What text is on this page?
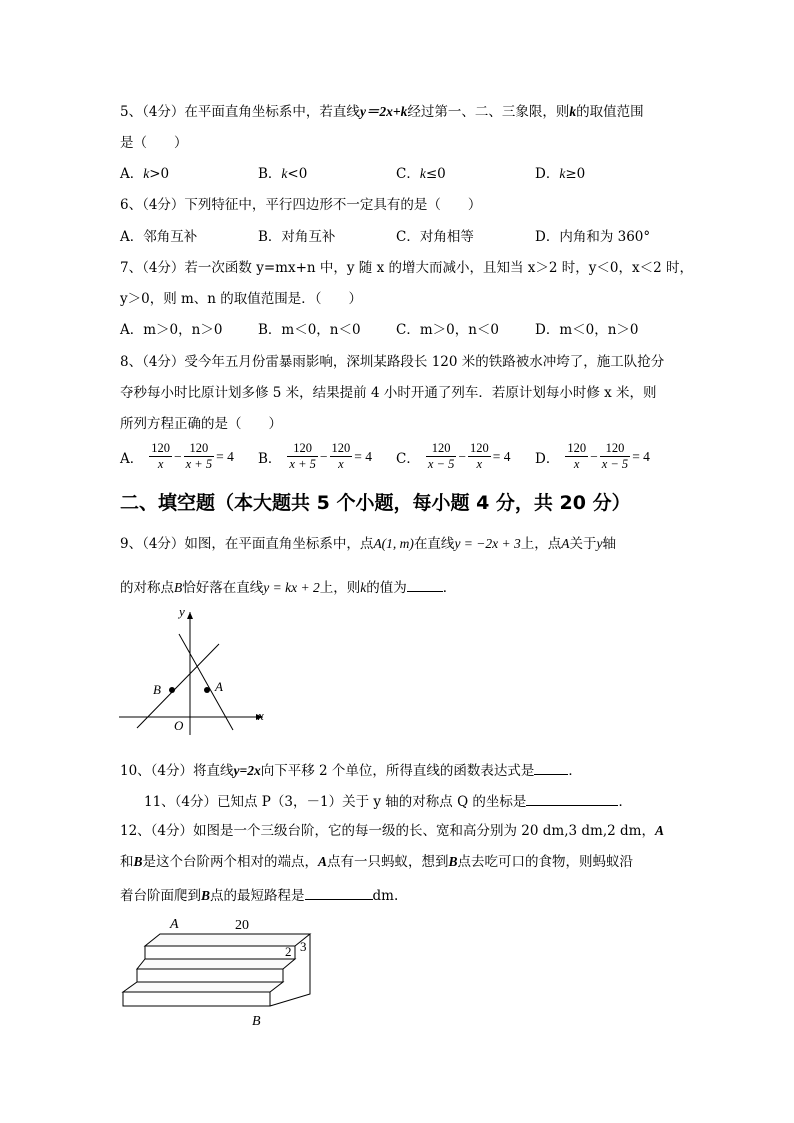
5、（4分）在平面直角坐标系中，若直线y＝2x+k经过第一、二、三象限，则k的取值范围
是（　　）
A．k>0	B．k<0	C．k≤0	D．k≥0
6、（4分）下列特征中，平行四边形不一定具有的是（　　）
A．邻角互补	B．对角互补	C．对角相等	D．内角和为 360°
7、（4分）若一次函数 y=mx+n 中，y 随 x 的增大而减小，且知当 x＞2 时，y＜0，x＜2 时，
y＞0，则 m、n 的取值范围是．（　　）
A．m＞0，n＞0	B．m＜0，n＜0	C．m＞0，n＜0	D．m＜0，n＞0
8、（4分）受今年五月份雷暴雨影响，深圳某路段长 120 米的铁路被水冲垮了，施工队抢分
夺秒每小时比原计划多修 5 米，结果提前 4 小时开通了列车．若原计划每小时修 x 米，则
所列方程正确的是（　　）
A． $\frac{120}{x} - \frac{120}{x + 5} = 4$ B． $\frac{120}{x + 5} - \frac{120}{x} = 4$ C． $\frac{120}{x - 5} - \frac{120}{x} = 4$ D． $\frac{120}{x} - \frac{120}{x - 5} = 4$
二、填空题（本大题共 5 个小题，每小题 4 分，共 20 分）
9、（4分）如图，在平面直角坐标系中，点A(1, m)在直线y = −2x + 3上，点A关于y轴
的对称点B恰好落在直线y = kx + 2上，则k的值为	．
y
x
O
A
B
10、（4分）将直线y=2x向下平移 2 个单位，所得直线的函数表达式是	．
11、（4分）已知点 P（3，－1）关于 y 轴的对称点 Q 的坐标是	．
12、（4分）如图是一个三级台阶，它的每一级的长、宽和高分别为 20 dm,3 dm,2 dm，A
和B是这个台阶两个相对的端点，A点有一只蚂蚁，想到B点去吃可口的食物，则蚂蚁沿
着台阶面爬到B点的最短路程是	dm.
A	20
2 3
B
